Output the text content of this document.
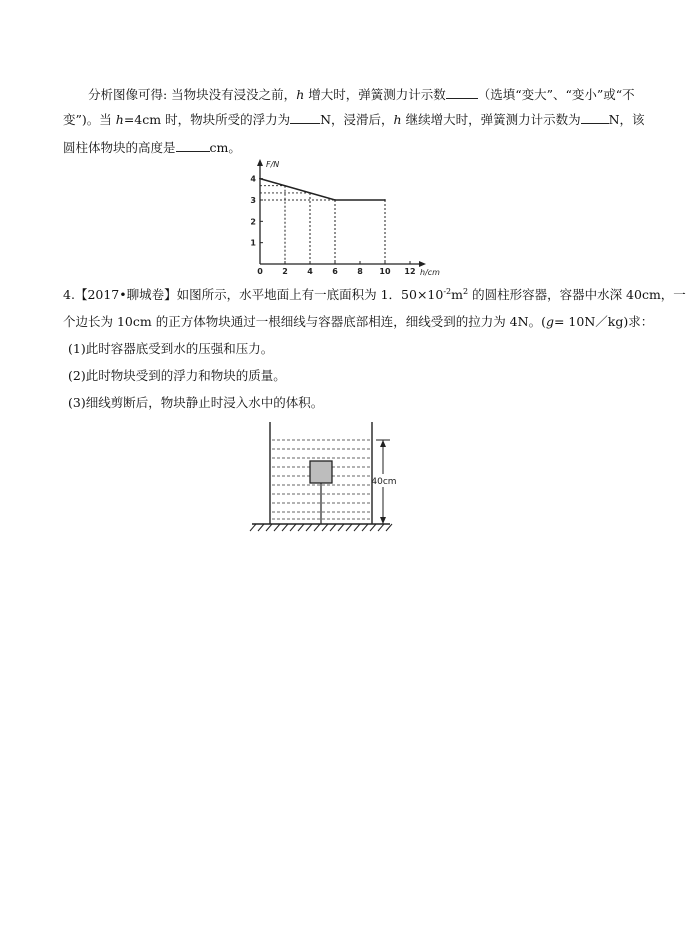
分析图像可得: 当物块没有浸没之前，h 增大时，弹簧测力计示数	（选填“变大”、“变小”或“不
变”)。当 h=4cm 时，物块所受的浮力为 N，浸滑后，h 继续增大时，弹簧测力计示数为 N，该
圆柱体物块的高度是	cm。
F/N
h/cm
0 2 4 6 8 10 12
1
2
3
4
4.【2017•聊城卷】如图所示，水平地面上有一底面积为 1．$50\times 10^{-2}m^2$ 的圆柱形容器，容器中水深 40cm，一
个边长为 10cm 的正方体物块通过一根细线与容器底部相连，细线受到的拉力为 4N。(g= 10N／kg)求：
(1)此时容器底受到水的压强和压力。
(2)此时物块受到的浮力和物块的质量。
(3)细线剪断后，物块静止时浸入水中的体积。
40cm
